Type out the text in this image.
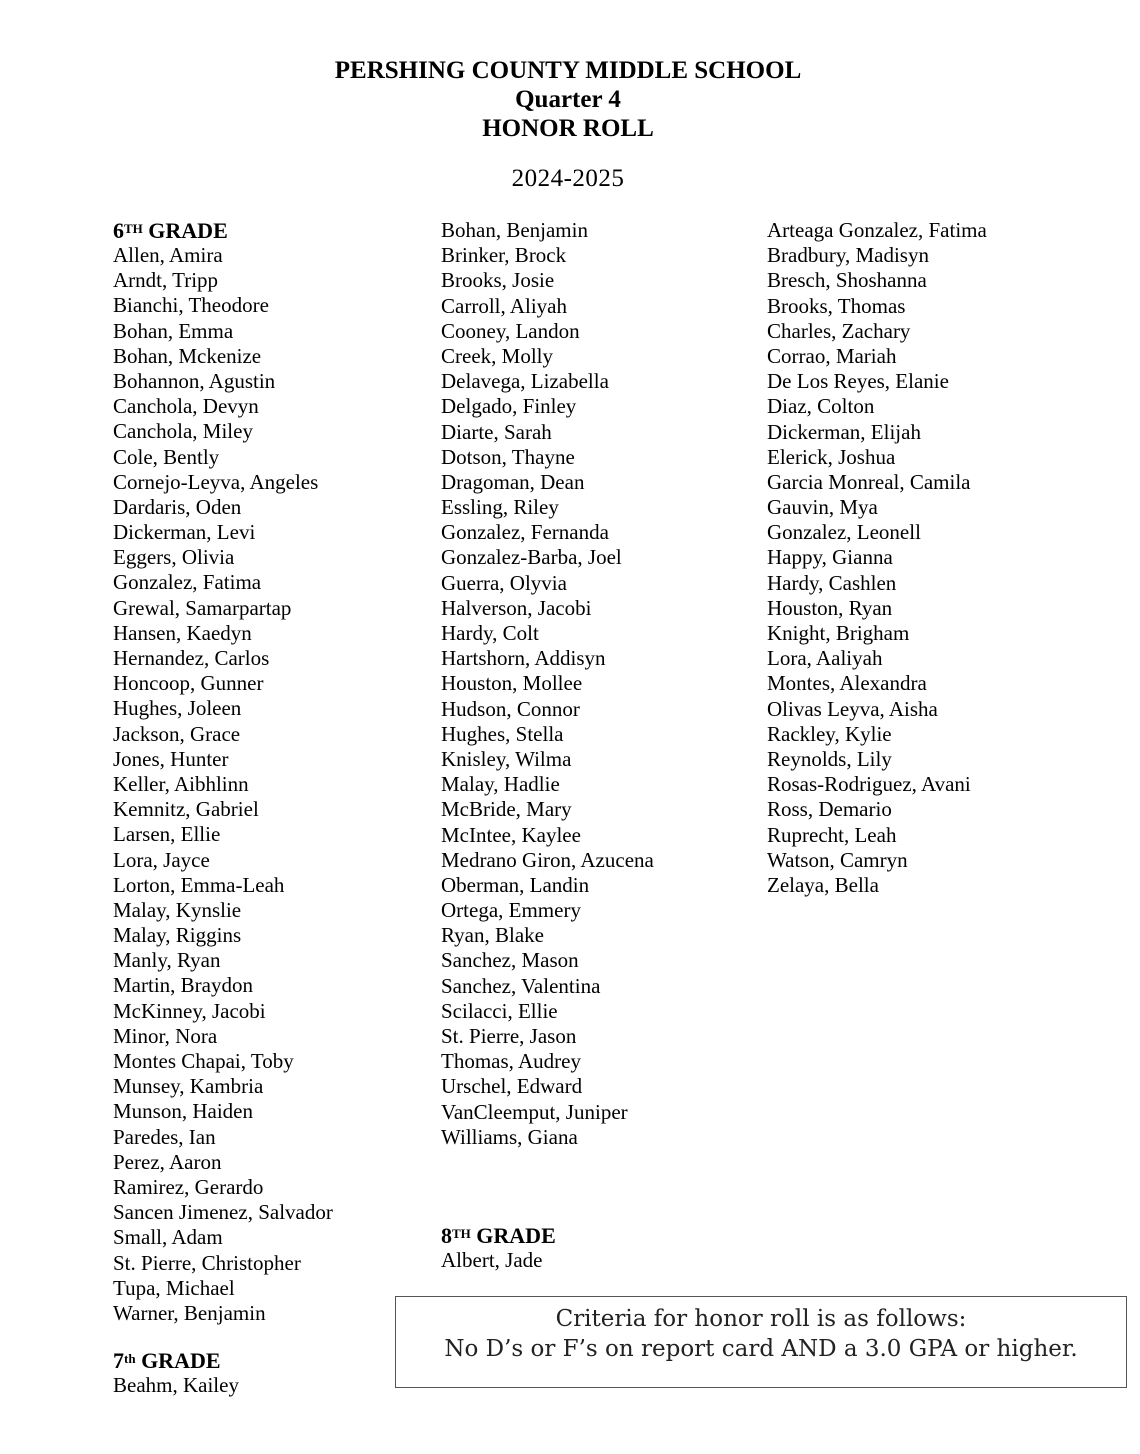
PERSHING COUNTY MIDDLE SCHOOL
Quarter 4
HONOR ROLL
2024-2025
6TH GRADE
Allen, Amira
Arndt, Tripp
Bianchi, Theodore
Bohan, Emma
Bohan, Mckenize
Bohannon, Agustin
Canchola, Devyn
Canchola, Miley
Cole, Bently
Cornejo-Leyva, Angeles
Dardaris, Oden
Dickerman, Levi
Eggers, Olivia
Gonzalez, Fatima
Grewal, Samarpartap
Hansen, Kaedyn
Hernandez, Carlos
Honcoop, Gunner
Hughes, Joleen
Jackson, Grace
Jones, Hunter
Keller, Aibhlinn
Kemnitz, Gabriel
Larsen, Ellie
Lora, Jayce
Lorton, Emma-Leah
Malay, Kynslie
Malay, Riggins
Manly, Ryan
Martin, Braydon
McKinney, Jacobi
Minor, Nora
Montes Chapai, Toby
Munsey, Kambria
Munson, Haiden
Paredes, Ian
Perez, Aaron
Ramirez, Gerardo
Sancen Jimenez, Salvador
Small, Adam
St. Pierre, Christopher
Tupa, Michael
Warner, Benjamin
7th GRADE
Beahm, Kailey
Bohan, Benjamin
Brinker, Brock
Brooks, Josie
Carroll, Aliyah
Cooney, Landon
Creek, Molly
Delavega, Lizabella
Delgado, Finley
Diarte, Sarah
Dotson, Thayne
Dragoman, Dean
Essling, Riley
Gonzalez, Fernanda
Gonzalez-Barba, Joel
Guerra, Olyvia
Halverson, Jacobi
Hardy, Colt
Hartshorn, Addisyn
Houston, Mollee
Hudson, Connor
Hughes, Stella
Knisley, Wilma
Malay, Hadlie
McBride, Mary
McIntee, Kaylee
Medrano Giron, Azucena
Oberman, Landin
Ortega, Emmery
Ryan, Blake
Sanchez, Mason
Sanchez, Valentina
Scilacci, Ellie
St. Pierre, Jason
Thomas, Audrey
Urschel, Edward
VanCleemput, Juniper
Williams, Giana
8TH GRADE
Albert, Jade
Arteaga Gonzalez, Fatima
Bradbury, Madisyn
Bresch, Shoshanna
Brooks, Thomas
Charles, Zachary
Corrao, Mariah
De Los Reyes, Elanie
Diaz, Colton
Dickerman, Elijah
Elerick, Joshua
Garcia Monreal, Camila
Gauvin, Mya
Gonzalez, Leonell
Happy, Gianna
Hardy, Cashlen
Houston, Ryan
Knight, Brigham
Lora, Aaliyah
Montes, Alexandra
Olivas Leyva, Aisha
Rackley, Kylie
Reynolds, Lily
Rosas-Rodriguez, Avani
Ross, Demario
Ruprecht, Leah
Watson, Camryn
Zelaya, Bella
Criteria for honor roll is as follows:
No D’s or F’s on report card AND a 3.0 GPA or higher.
